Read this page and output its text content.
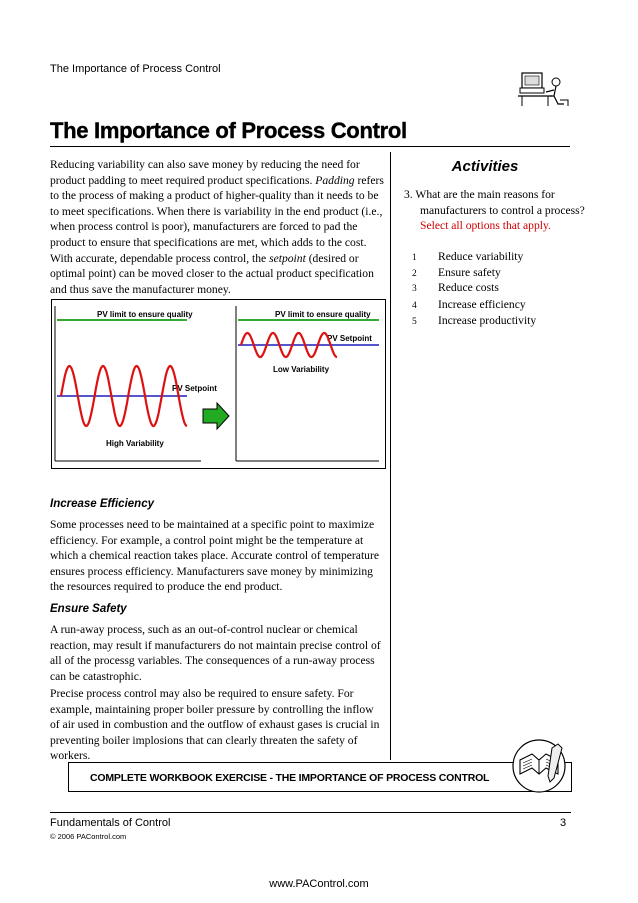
The Importance of Process Control
The Importance of Process Control
Reducing variability can also save money by reducing the need for product padding to meet required product specifications. Padding refers to the process of making a product of higher-quality than it needs to be to meet specifications. When there is variability in the end product (i.e., when process control is poor), manufacturers are forced to pad the product to ensure that specifications are met, which adds to the cost. With accurate, dependable process control, the setpoint (desired or optimal point) can be moved closer to the actual product specification and thus save the manufacturer money.
PV limit to ensure quality
PV Setpoint
High Variability
PV limit to ensure quality
PV Setpoint
Low Variability
Increase Efficiency
Some processes need to be maintained at a specific point to maximize efficiency. For example, a control point might be the temperature at which a chemical reaction takes place. Accurate control of temperature ensures process efficiency. Manufacturers save money by minimizing the resources required to produce the end product.
Ensure Safety
A run-away process, such as an out-of-control nuclear or chemical reaction, may result if manufacturers do not maintain precise control of all of the processg variables. The consequences of a run-away process can be catastrophic.
Precise process control may also be required to ensure safety. For example, maintaining proper boiler pressure by controlling the inflow of air used in combustion and the outflow of exhaust gases is crucial in preventing boiler implosions that can clearly threaten the safety of workers.
Activities
3. What are the main reasons for manufacturers to control a process?
Select all options that apply.
1 Reduce variability
2 Ensure safety
3 Reduce costs
4 Increase efficiency
5 Increase productivity
COMPLETE WORKBOOK EXERCISE - THE IMPORTANCE OF PROCESS CONTROL
Fundamentals of Control	3
© 2006 PAControl.com
www.PAControl.com
